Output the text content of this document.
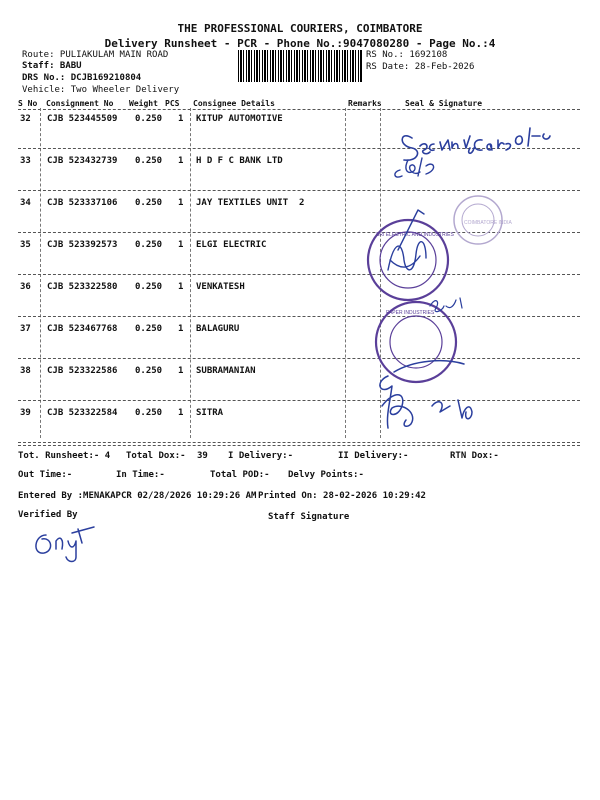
THE PROFESSIONAL COURIERS, COIMBATORE
Delivery Runsheet - PCR - Phone No.:9047080280 - Page No.:4
Route: PULIAKULAM MAIN ROAD
Staff: BABU
DRS No.: DCJB169210804
Vehicle: Two Wheeler Delivery
RS No.: 1692108
RS Date: 28-Feb-2026
S No Consignment No Weight PCS Consignee Details	Remarks	Seal & Signature
32 CJB 523445509 0.250 1 KITUP AUTOMOTIVE
33 CJB 523432739 0.250 1 H D F C BANK LTD
34 CJB 523337106 0.250 1 JAY TEXTILES UNIT  2
35 CJB 523392573 0.250 1 ELGI ELECTRIC
36 CJB 523322580 0.250 1 VENKATESH
37 CJB 523467768 0.250 1 BALAGURU
38 CJB 523322586 0.250 1 SUBRAMANIAN
39 CJB 523322584 0.250 1 SITRA
COIMBATORE INDIA
SRI ELECTRIC AND INDUSTRIES
PAPER INDUSTRIES
Tot. Runsheet:- 4 Total Dox:- 39 I Delivery:-	II Delivery:-	RTN Dox:-
Out Time:-	In Time:-	Total POD:- Delvy Points:-
Entered By :MENAKAPCR 02/28/2026 10:29:26 AM Printed On: 28-02-2026 10:29:42
Verified By	Staff Signature
